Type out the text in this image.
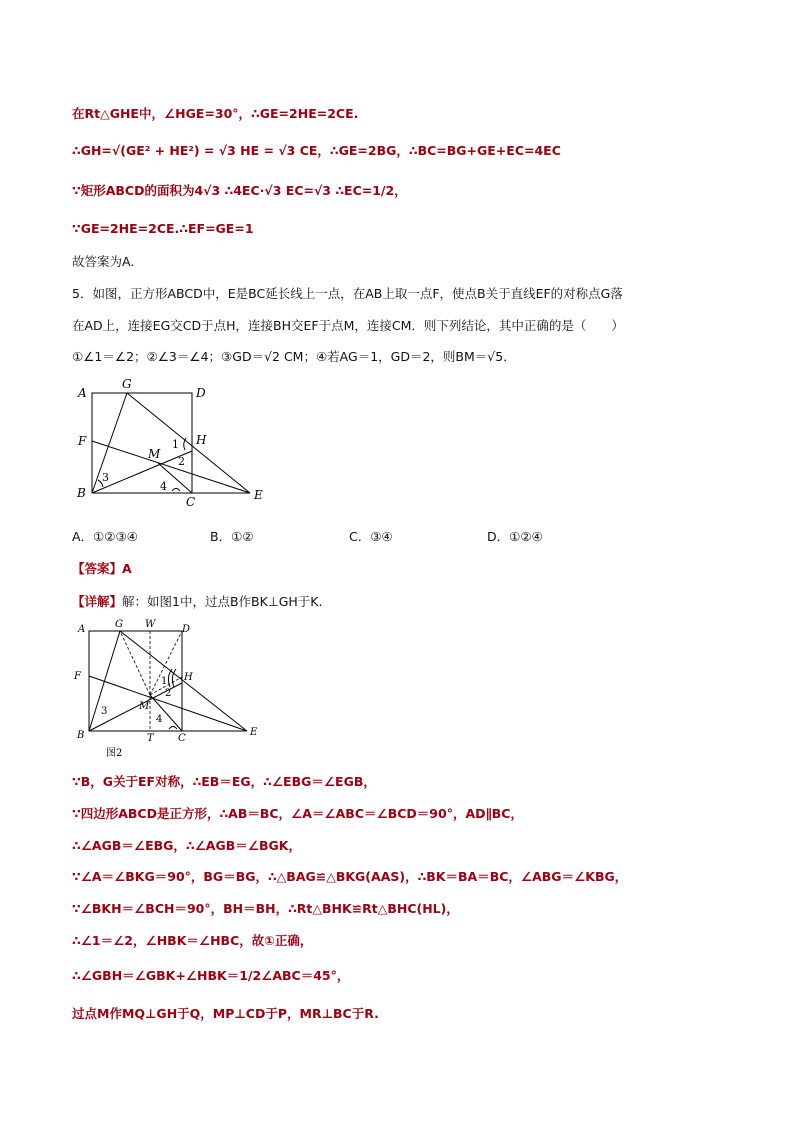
在Rt△GHE中，∠HGE=30°，∴GE=2HE=2CE.
∴GH=√(GE² + HE²) = √3 HE = √3 CE，∴GE=2BG，∴BC=BG+GE+EC=4EC
∵矩形ABCD的面积为4√3 ∴4EC·√3 EC=√3 ∴EC=1/2，
∵GE=2HE=2CE.∴EF=GE=1
故答案为A.
5．如图，正方形ABCD中，E是BC延长线上一点，在AB上取一点F，使点B关于直线EF的对称点G落
在AD上，连接EG交CD于点H，连接BH交EF于点M，连接CM．则下列结论，其中正确的是（　　）
①∠1＝∠2；②∠3＝∠4；③GD＝√2 CM；④若AG＝1，GD＝2，则BM＝√5．
A
G
D
F	H
M
1
2
3
4
B
C	E
A．①②③④	B．①②	C．③④	D．①②④
【答案】A
【详解】解：如图1中，过点B作BK⊥GH于K.
A	G W	D
F	H
M
1
2
3
4
B	T C
E
图2
∵B，G关于EF对称，∴EB＝EG，∴∠EBG＝∠EGB，
∵四边形ABCD是正方形，∴AB＝BC，∠A＝∠ABC＝∠BCD＝90°，AD∥BC，
∴∠AGB＝∠EBG，∴∠AGB＝∠BGK，
∵∠A＝∠BKG＝90°，BG＝BG，∴△BAG≌△BKG(AAS)，∴BK＝BA＝BC，∠ABG＝∠KBG，
∵∠BKH＝∠BCH＝90°，BH＝BH，∴Rt△BHK≌Rt△BHC(HL)，
∴∠1＝∠2，∠HBK＝∠HBC，故①正确，
∴∠GBH＝∠GBK+∠HBK＝1/2∠ABC＝45°，
过点M作MQ⊥GH于Q，MP⊥CD于P，MR⊥BC于R.
